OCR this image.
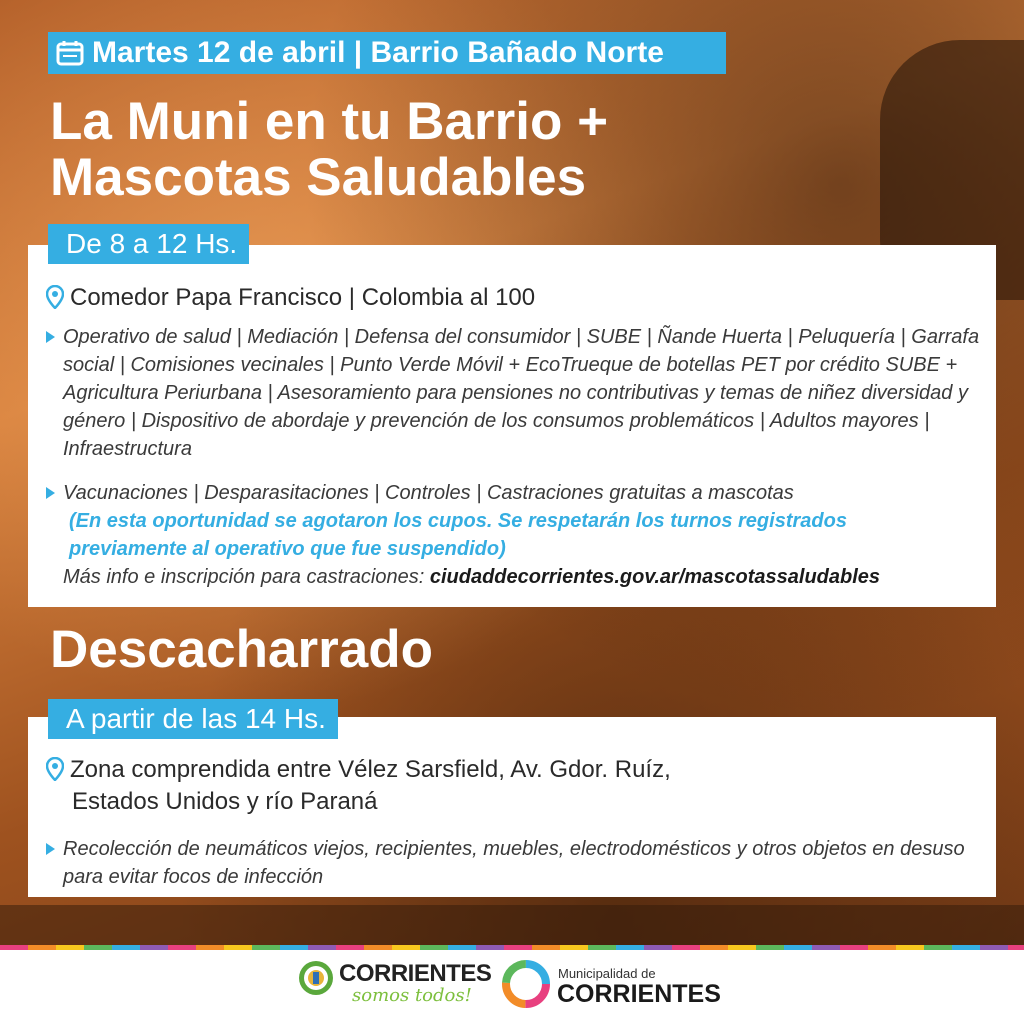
Martes 12 de abril | Barrio Bañado Norte
La Muni en tu Barrio +
Mascotas Saludables
Comedor Papa Francisco | Colombia al 100
Operativo de salud | Mediación | Defensa del consumidor | SUBE | Ñande Huerta | Peluquería | Garrafa social | Comisiones vecinales | Punto Verde Móvil + EcoTrueque de botellas PET por crédito SUBE + Agricultura Periurbana | Asesoramiento para pensiones no contributivas y temas de niñez diversidad y género | Dispositivo de abordaje y prevención de los consumos problemáticos | Adultos mayores | Infraestructura
Vacunaciones | Desparasitaciones | Controles | Castraciones gratuitas a mascotas
(En esta oportunidad se agotaron los cupos. Se respetarán los turnos registrados previamente al operativo que fue suspendido)
Más info e inscripción para castraciones: ciudaddecorrientes.gov.ar/mascotassaludables
De 8 a 12 Hs.
Descacharrado
Zona comprendida entre Vélez Sarsfield, Av. Gdor. Ruíz,
Estados Unidos y río Paraná
Recolección de neumáticos viejos, recipientes, muebles, electrodomésticos y otros objetos en desuso para evitar focos de infección
A partir de las 14 Hs.
CORRIENTES
somos todos!
Municipalidad de
CORRIENTES
